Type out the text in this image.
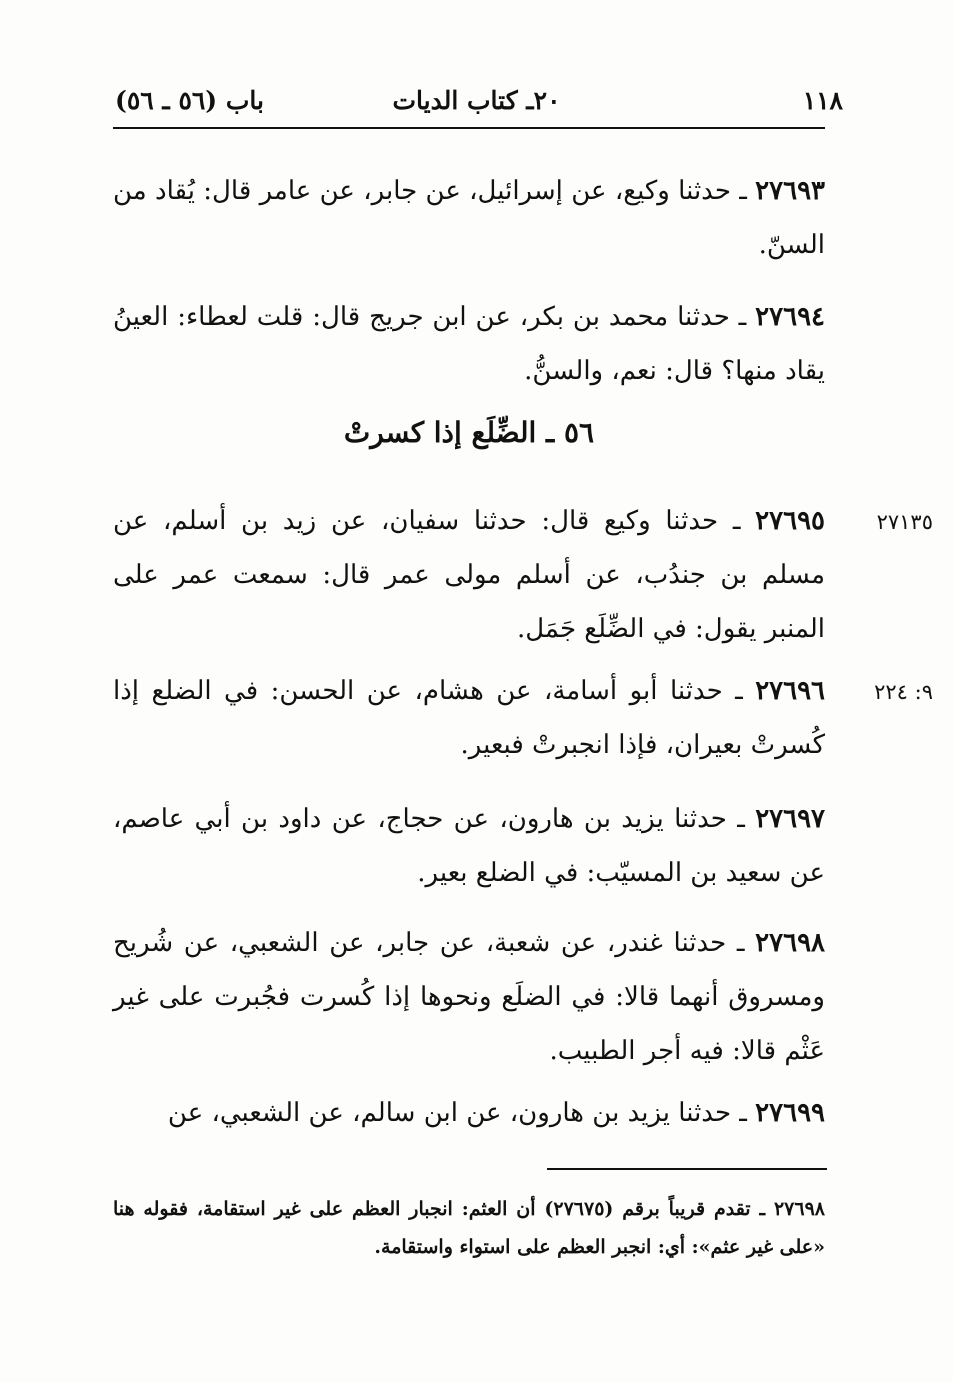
١١٨
٢٠ـ كتاب الديات
باب (٥٦ ـ ٥٦)
٢٧٦٩٣ ـ حدثنا وكيع، عن إسرائيل، عن جابر، عن عامر قال: يُقاد من السنّ.
٢٧٦٩٤ ـ حدثنا محمد بن بكر، عن ابن جريج قال: قلت لعطاء: العينُ يقاد منها؟ قال: نعم، والسنُّ.
٥٦ ـ الضِّلَع إذا كسرتْ
٢٧١٣٥
٢٧٦٩٥ ـ حدثنا وكيع قال: حدثنا سفيان، عن زيد بن أسلم، عن مسلم بن جندُب، عن أسلم مولى عمر قال: سمعت عمر على المنبر يقول: في الضِّلَع جَمَل.
٩: ٢٢٤
٢٧٦٩٦ ـ حدثنا أبو أسامة، عن هشام، عن الحسن: في الضلع إذا كُسرتْ بعيران، فإذا انجبرتْ فبعير.
٢٧٦٩٧ ـ حدثنا يزيد بن هارون، عن حجاج، عن داود بن أبي عاصم، عن سعيد بن المسيّب: في الضلع بعير.
٢٧٦٩٨ ـ حدثنا غندر، عن شعبة، عن جابر، عن الشعبي، عن شُريح ومسروق أنهما قالا: في الضلَع ونحوها إذا كُسرت فجُبرت على غير عَثْم قالا: فيه أجر الطبيب.
٢٧٦٩٩ ـ حدثنا يزيد بن هارون، عن ابن سالم، عن الشعبي، عن
٢٧٦٩٨ ـ تقدم قريباً برقم (٢٧٦٧٥) أن العثم: انجبار العظم على غير استقامة، فقوله هنا «على غير عثم»: أي: انجبر العظم على استواء واستقامة.
